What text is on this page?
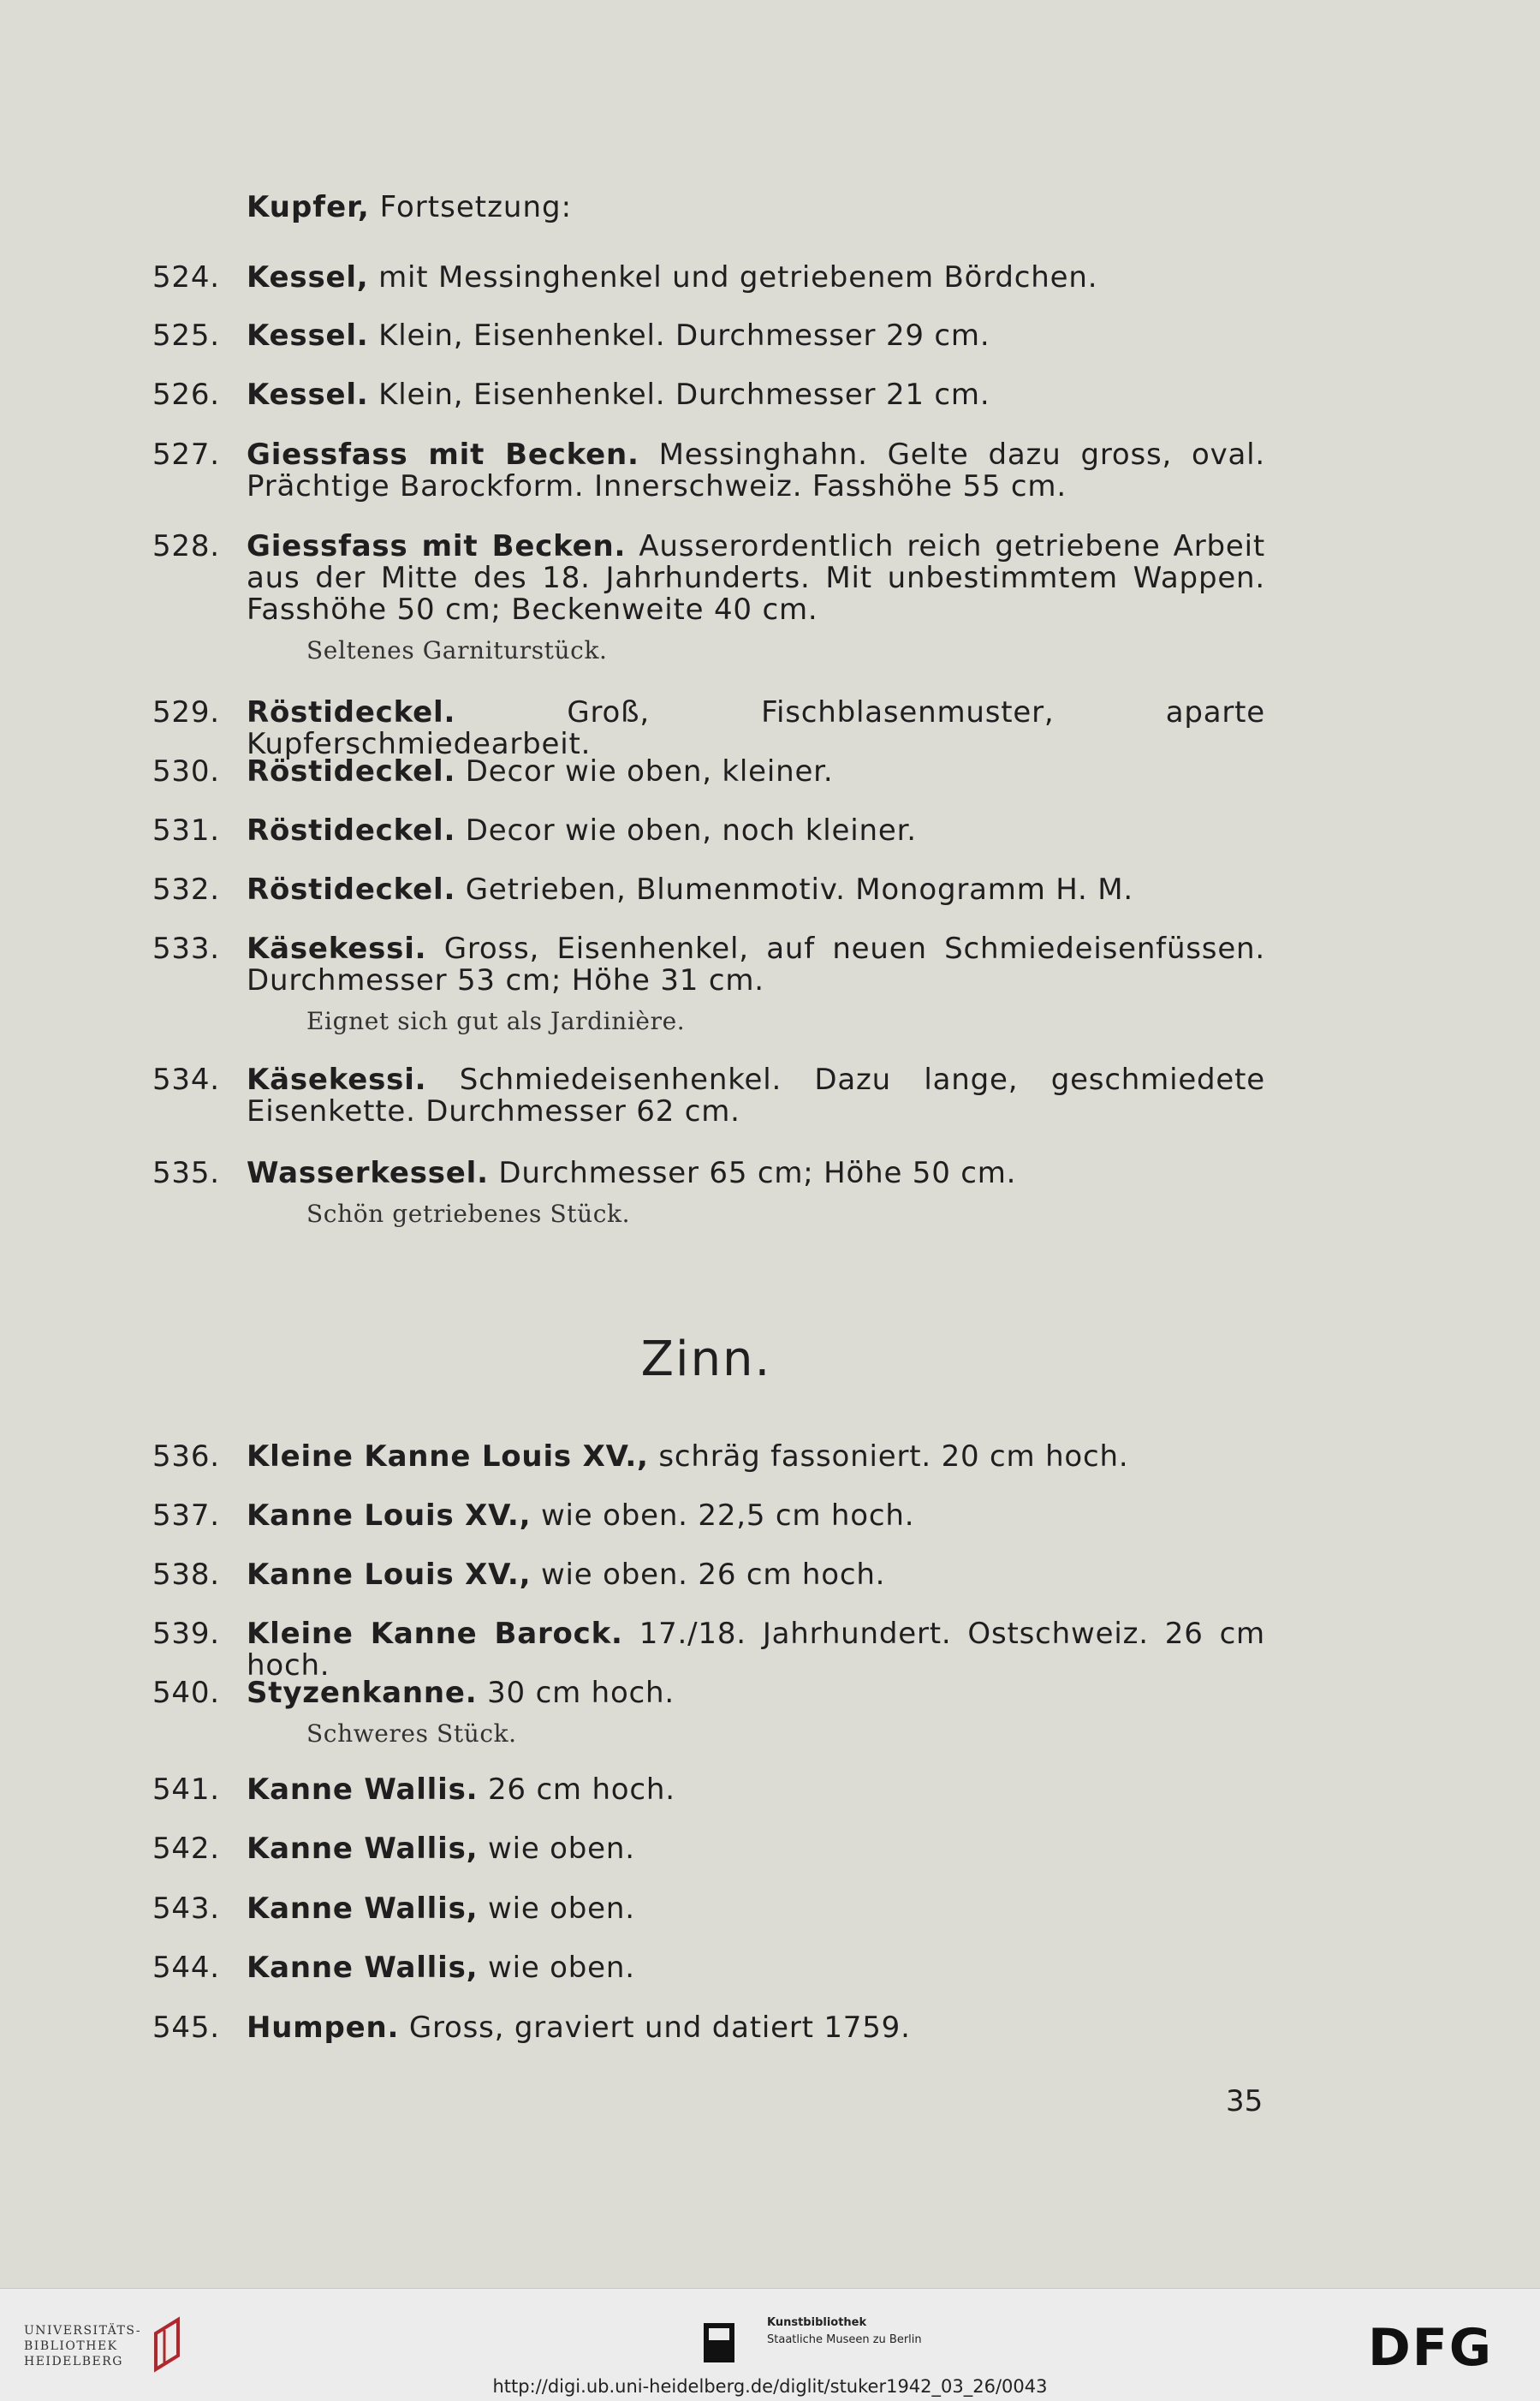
Kupfer, Fortsetzung:
524. Kessel, mit Messinghenkel und getriebenem Bördchen.
525. Kessel. Klein, Eisenhenkel. Durchmesser 29 cm.
526. Kessel. Klein, Eisenhenkel. Durchmesser 21 cm.
527. Giessfass mit Becken. Messinghahn. Gelte dazu gross, oval. Prächtige Barockform. Innerschweiz. Fasshöhe 55 cm.
528. Giessfass mit Becken. Ausserordentlich reich getriebene Arbeit aus der Mitte des 18. Jahrhunderts. Mit unbestimmtem Wappen. Fasshöhe 50 cm; Beckenweite 40 cm.
Seltenes Garniturstück.
529. Röstideckel. Groß, Fischblasenmuster, aparte Kupferschmiedearbeit.
530. Röstideckel. Decor wie oben, kleiner.
531. Röstideckel. Decor wie oben, noch kleiner.
532. Röstideckel. Getrieben, Blumenmotiv. Monogramm H. M.
533. Käsekessi. Gross, Eisenhenkel, auf neuen Schmiedeisenfüssen. Durchmesser 53 cm; Höhe 31 cm.
Eignet sich gut als Jardinière.
534. Käsekessi. Schmiedeisenhenkel. Dazu lange, geschmiedete Eisenkette. Durchmesser 62 cm.
535. Wasserkessel. Durchmesser 65 cm; Höhe 50 cm.
Schön getriebenes Stück.
Zinn.
536. Kleine Kanne Louis XV., schräg fassoniert. 20 cm hoch.
537. Kanne Louis XV., wie oben. 22,5 cm hoch.
538. Kanne Louis XV., wie oben. 26 cm hoch.
539. Kleine Kanne Barock. 17./18. Jahrhundert. Ostschweiz. 26 cm hoch.
540. Styzenkanne. 30 cm hoch.
Schweres Stück.
541. Kanne Wallis. 26 cm hoch.
542. Kanne Wallis, wie oben.
543. Kanne Wallis, wie oben.
544. Kanne Wallis, wie oben.
545. Humpen. Gross, graviert und datiert 1759.
35
UNIVERSITÄTS-
BIBLIOTHEK
HEIDELBERG
Kunstbibliothek
Staatliche Museen zu Berlin	DFG
http://digi.ub.uni-heidelberg.de/diglit/stuker1942_03_26/0043
